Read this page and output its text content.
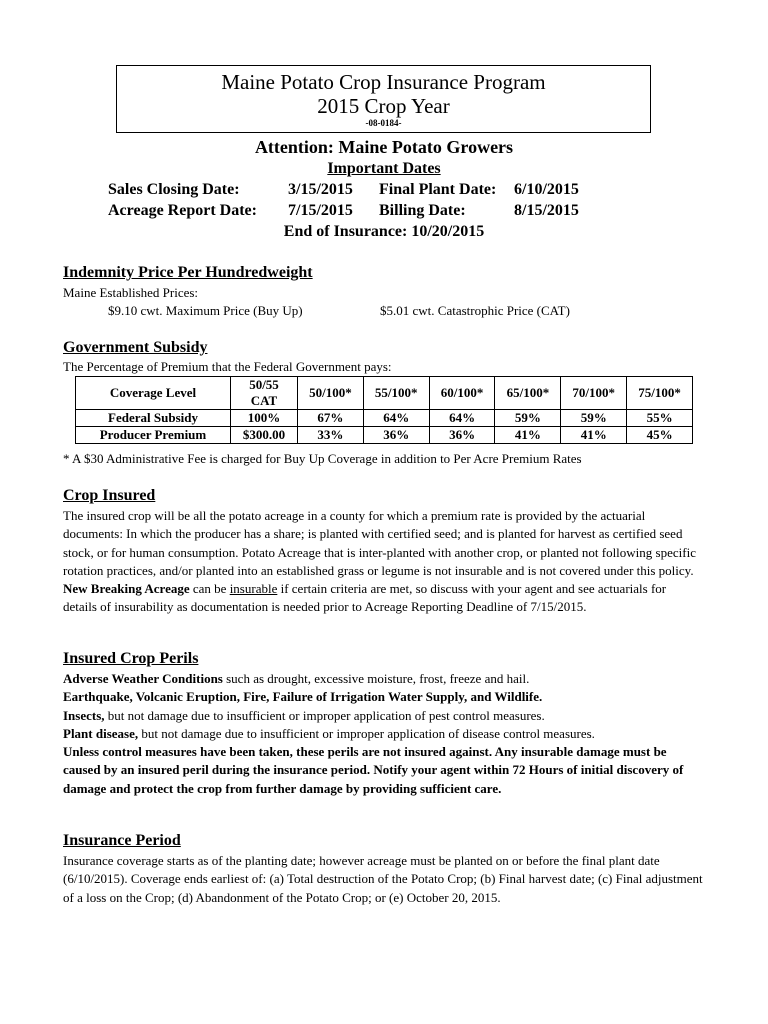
Maine Potato Crop Insurance Program
2015 Crop Year
-08-0184-
Attention: Maine Potato Growers
Important Dates
Sales Closing Date:	3/15/2015 Final Plant Date: 6/10/2015
Acreage Report Date: 7/15/2015 Billing Date:	8/15/2015
End of Insurance: 10/20/2015
Indemnity Price Per Hundredweight
Maine Established Prices:
$9.10 cwt. Maximum Price (Buy Up)	$5.01 cwt. Catastrophic Price (CAT)
Government Subsidy
The Percentage of Premium that the Federal Government pays:
Coverage Level	50/55 CAT	50/100*	55/100*	60/100*	65/100*	70/100*	75/100*
Federal Subsidy	100%	67%	64%	64%	59%	59%	55%
Producer Premium	$300.00	33%	36%	36%	41%	41%	45%
* A $30 Administrative Fee is charged for Buy Up Coverage in addition to Per Acre Premium Rates
Crop Insured
The insured crop will be all the potato acreage in a county for which a premium rate is provided by the actuarial documents: In which the producer has a share; is planted with certified seed; and is planted for harvest as certified seed stock, or for human consumption. Potato Acreage that is inter-planted with another crop, or planted not following specific rotation practices, and/or planted into an established grass or legume is not insurable and is not covered under this policy. New Breaking Acreage can be insurable if certain criteria are met, so discuss with your agent and see actuarials for details of insurability as documentation is needed prior to Acreage Reporting Deadline of 7/15/2015.
Insured Crop Perils
Adverse Weather Conditions such as drought, excessive moisture, frost, freeze and hail.
Earthquake, Volcanic Eruption, Fire, Failure of Irrigation Water Supply, and Wildlife.
Insects, but not damage due to insufficient or improper application of pest control measures.
Plant disease, but not damage due to insufficient or improper application of disease control measures.
Unless control measures have been taken, these perils are not insured against. Any insurable damage must be caused by an insured peril during the insurance period. Notify your agent within 72 Hours of initial discovery of damage and protect the crop from further damage by providing sufficient care.
Insurance Period
Insurance coverage starts as of the planting date; however acreage must be planted on or before the final plant date (6/10/2015). Coverage ends earliest of: (a) Total destruction of the Potato Crop; (b) Final harvest date; (c) Final adjustment of a loss on the Crop; (d) Abandonment of the Potato Crop; or (e) October 20, 2015.
